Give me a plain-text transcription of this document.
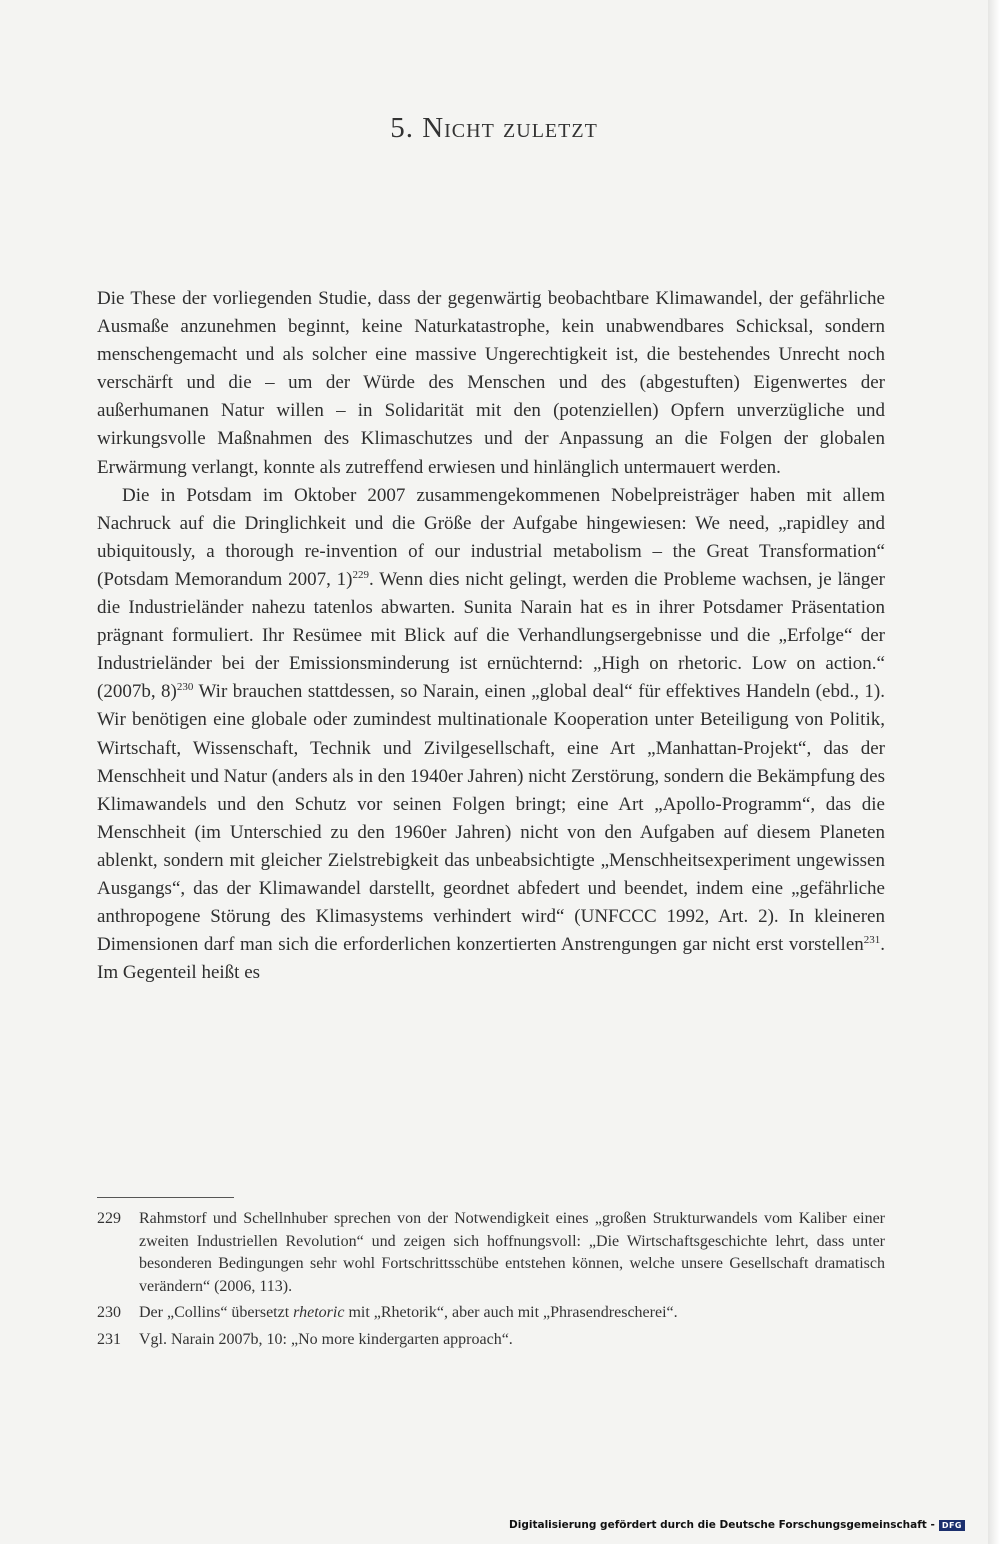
5. Nicht zuletzt

Die These der vorliegenden Studie, dass der gegenwärtig beobachtbare Klimawandel, der gefährliche Ausmaße anzunehmen beginnt, keine Naturkatastrophe, kein unabwendbares Schicksal, sondern menschengemacht und als solcher eine massive Ungerechtigkeit ist, die bestehendes Unrecht noch verschärft und die – um der Würde des Menschen und des (abgestuften) Eigenwertes der außerhumanen Natur willen – in Solidarität mit den (potenziellen) Opfern unverzügliche und wirkungsvolle Maßnahmen des Klimaschutzes und der Anpassung an die Folgen der globalen Erwärmung verlangt, konnte als zutreffend erwiesen und hinlänglich untermauert werden.

Die in Potsdam im Oktober 2007 zusammengekommenen Nobelpreisträger haben mit allem Nachruck auf die Dringlichkeit und die Größe der Aufgabe hingewiesen: We need, „rapidley and ubiquitously, a thorough re-invention of our industrial metabolism – the Great Transformation“ (Potsdam Memorandum 2007, 1)$^{229}$. Wenn dies nicht gelingt, werden die Probleme wachsen, je länger die Industrieländer nahezu tatenlos abwarten. Sunita Narain hat es in ihrer Potsdamer Präsentation prägnant formuliert. Ihr Resümee mit Blick auf die Verhandlungsergebnisse und die „Erfolge“ der Industrieländer bei der Emissionsminderung ist ernüchternd: „High on rhetoric. Low on action.“ (2007b, 8)$^{230}$ Wir brauchen stattdessen, so Narain, einen „global deal“ für effektives Handeln (ebd., 1). Wir benötigen eine globale oder zumindest multinationale Kooperation unter Beteiligung von Politik, Wirtschaft, Wissenschaft, Technik und Zivilgesellschaft, eine Art „Manhattan-Projekt“, das der Menschheit und Natur (anders als in den 1940er Jahren) nicht Zerstörung, sondern die Bekämpfung des Klimawandels und den Schutz vor seinen Folgen bringt; eine Art „Apollo-Programm“, das die Menschheit (im Unterschied zu den 1960er Jahren) nicht von den Aufgaben auf diesem Planeten ablenkt, sondern mit gleicher Zielstrebigkeit das unbeabsichtigte „Menschheitsexperiment ungewissen Ausgangs“, das der Klimawandel darstellt, geordnet abfedert und beendet, indem eine „gefährliche anthropogene Störung des Klimasystems verhindert wird“ (UNFCCC 1992, Art. 2). In kleineren Dimensionen darf man sich die erforderlichen konzertierten Anstrengungen gar nicht erst vorstellen$^{231}$. Im Gegenteil heißt es

229	Rahmstorf und Schellnhuber sprechen von der Notwendigkeit eines „großen Strukturwandels vom Kaliber einer zweiten Industriellen Revolution“ und zeigen sich hoffnungsvoll: „Die Wirtschaftsgeschichte lehrt, dass unter besonderen Bedingungen sehr wohl Fortschrittsschübe entstehen können, welche unsere Gesellschaft dramatisch verändern“ (2006, 113).
230	Der „Collins“ übersetzt rhetoric mit „Rhetorik“, aber auch mit „Phrasendrescherei“.
231	Vgl. Narain 2007b, 10: „No more kindergarten approach“.
Digitalisierung gefördert durch die Deutsche Forschungsgemeinschaft - DFG
